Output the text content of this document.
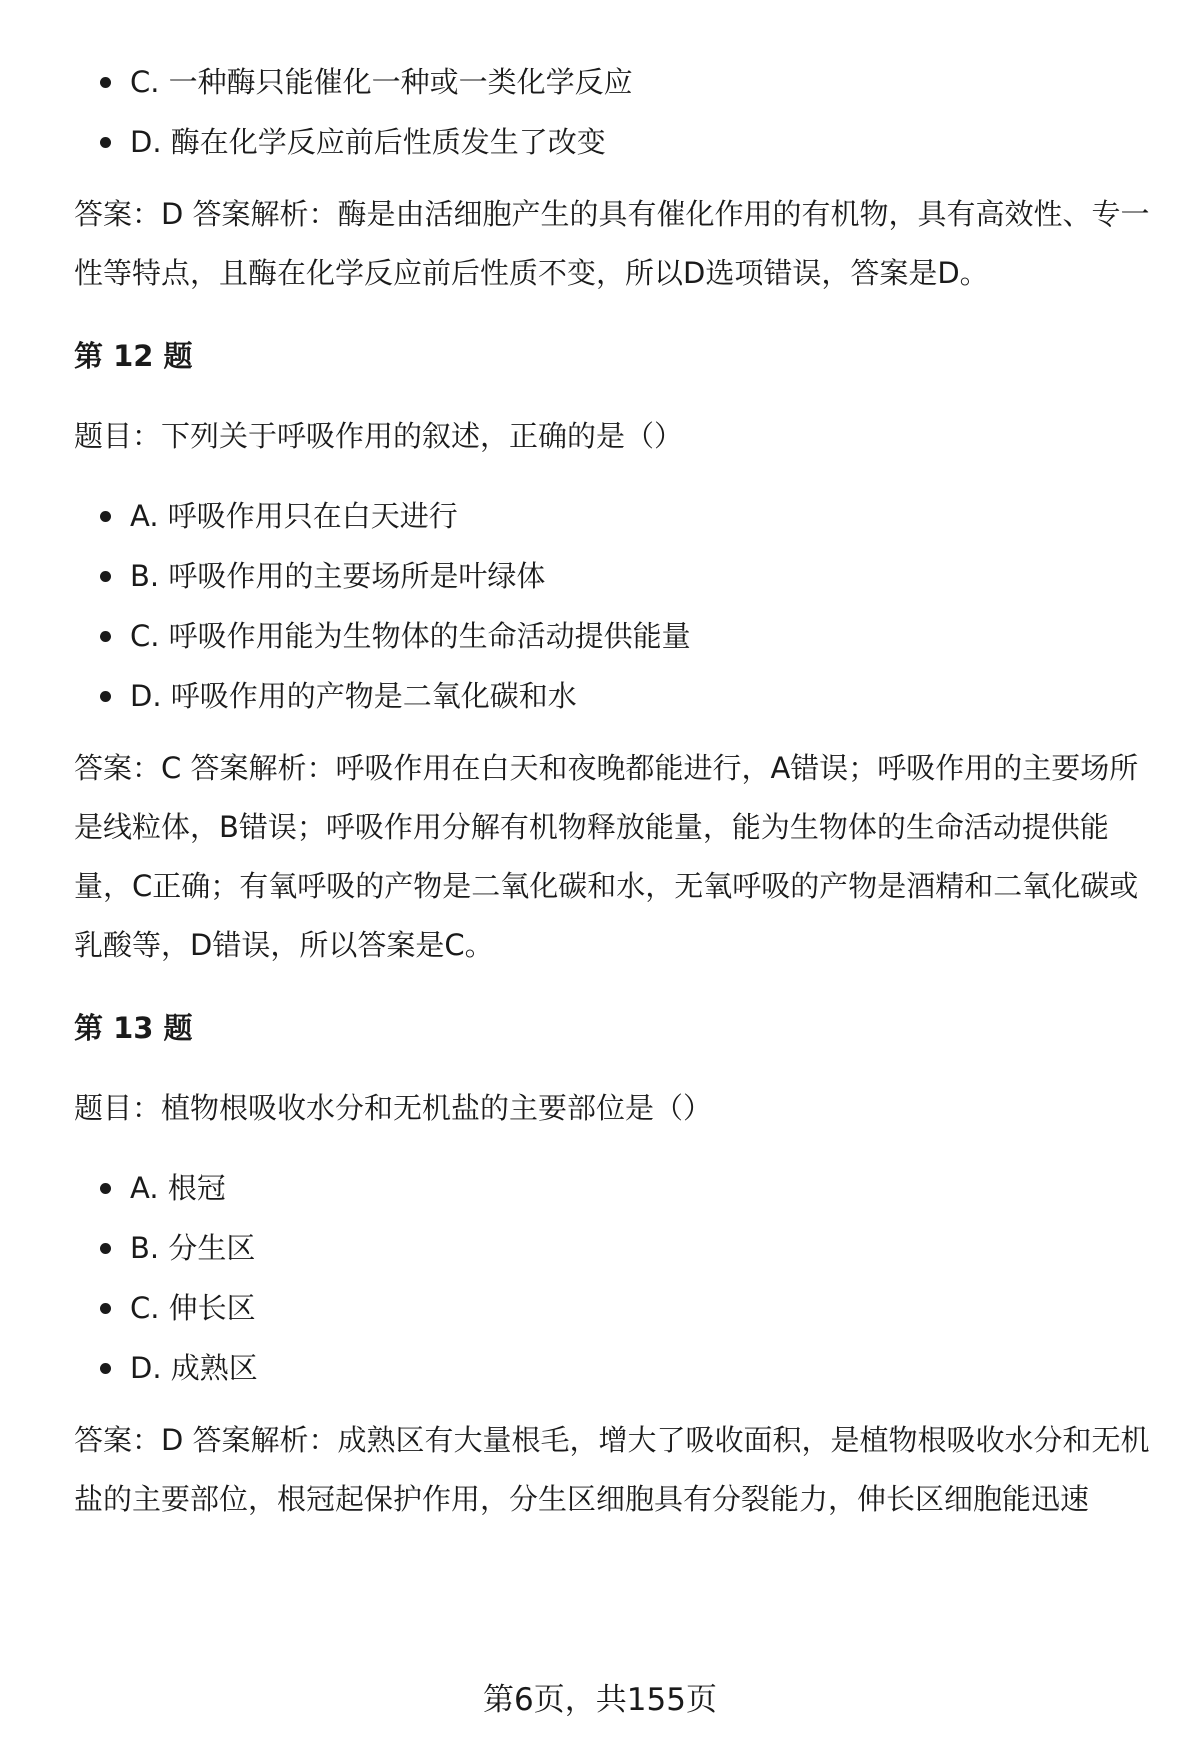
C. 一种酶只能催化一种或一类化学反应
D. 酶在化学反应前后性质发生了改变

答案：D 答案解析：酶是由活细胞产生的具有催化作用的有机物，具有高效性、专一性等特点，且酶在化学反应前后性质不变，所以D选项错误，答案是D。

第 12 题

题目：下列关于呼吸作用的叙述，正确的是（）

A. 呼吸作用只在白天进行
B. 呼吸作用的主要场所是叶绿体
C. 呼吸作用能为生物体的生命活动提供能量
D. 呼吸作用的产物是二氧化碳和水

答案：C 答案解析：呼吸作用在白天和夜晚都能进行，A错误；呼吸作用的主要场所是线粒体，B错误；呼吸作用分解有机物释放能量，能为生物体的生命活动提供能量，C正确；有氧呼吸的产物是二氧化碳和水，无氧呼吸的产物是酒精和二氧化碳或乳酸等，D错误，所以答案是C。

第 13 题

题目：植物根吸收水分和无机盐的主要部位是（）

A. 根冠
B. 分生区
C. 伸长区
D. 成熟区

答案：D 答案解析：成熟区有大量根毛，增大了吸收面积，是植物根吸收水分和无机盐的主要部位，根冠起保护作用，分生区细胞具有分裂能力，伸长区细胞能迅速

第6页，共155页
